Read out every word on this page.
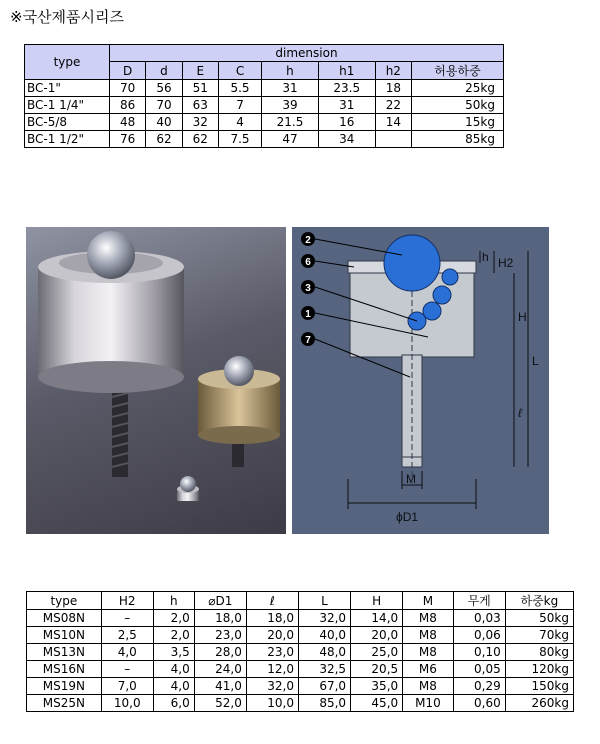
※국산제품시리즈
type	dimension							
	D	d	E	C	h	h1	h2	허용하중
BC-1"	70	56	51	5.5	31	23.5	18	25kg
BC-1 1/4"	86	70	63	7	39	31	22	50kg
BC-5/8	48	40	32	4	21.5	16	14	15kg
BC-1 1/2"	76	62	62	7.5	47	34		85kg
2
6
3
1
7
h H2
H
L
ℓ
M
ϕD1
type	H2	h	⌀D1	ℓ	L	H	M	무게	하중kg
MS08N	–	2,0	18,0	18,0	32,0	14,0	M8	0,03	50kg
MS10N	2,5	2,0	23,0	20,0	40,0	20,0	M8	0,06	70kg
MS13N	4,0	3,5	28,0	23,0	48,0	25,0	M8	0,10	80kg
MS16N	–	4,0	24,0	12,0	32,5	20,5	M6	0,05	120kg
MS19N	7,0	4,0	41,0	32,0	67,0	35,0	M8	0,29	150kg
MS25N	10,0	6,0	52,0	10,0	85,0	45,0	M10	0,60	260kg
